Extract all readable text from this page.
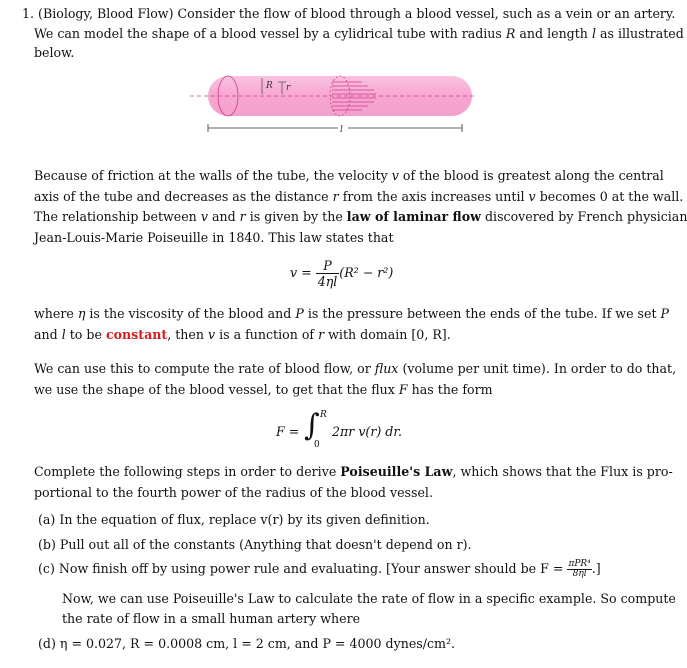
1. (Biology, Blood Flow) Consider the flow of blood through a blood vessel, such as a vein or an artery.
We can model the shape of a blood vessel by a cylidrical tube with radius R and length l as illustrated
below.
R r
l
Because of friction at the walls of the tube, the velocity v of the blood is greatest along the central
axis of the tube and decreases as the distance r from the axis increases until v becomes 0 at the wall.
The relationship between v and r is given by the law of laminar flow discovered by French physician
Jean-Louis-Marie Poiseuille in 1840. This law states that
$v = \frac{P}{4\eta l} (R^2 - r^2)$
where η is the viscosity of the blood and P is the pressure between the ends of the tube. If we set P
and l to be constant, then v is a function of r with domain [0, R].
We can use this to compute the rate of blood flow, or flux (volume per unit time). In order to do that,
we use the shape of the blood vessel, to get that the flux F has the form
F = ∫ R
0
2πr v(r) dr.
Complete the following steps in order to derive Poiseuille's Law, which shows that the Flux is pro-
portional to the fourth power of the radius of the blood vessel.
(a) In the equation of flux, replace v(r) by its given definition.
(b) Pull out all of the constants (Anything that doesn't depend on r).
(c) Now finish off by using power rule and evaluating. [Your answer should be $F = \frac{\text{πPR⁴}}{8\eta l}$ .]
Now, we can use Poiseuille's Law to calculate the rate of flow in a specific example. So compute
the rate of flow in a small human artery where
(d) η = 0.027, R = 0.0008 cm, l = 2 cm, and P = 4000 dynes/cm².
